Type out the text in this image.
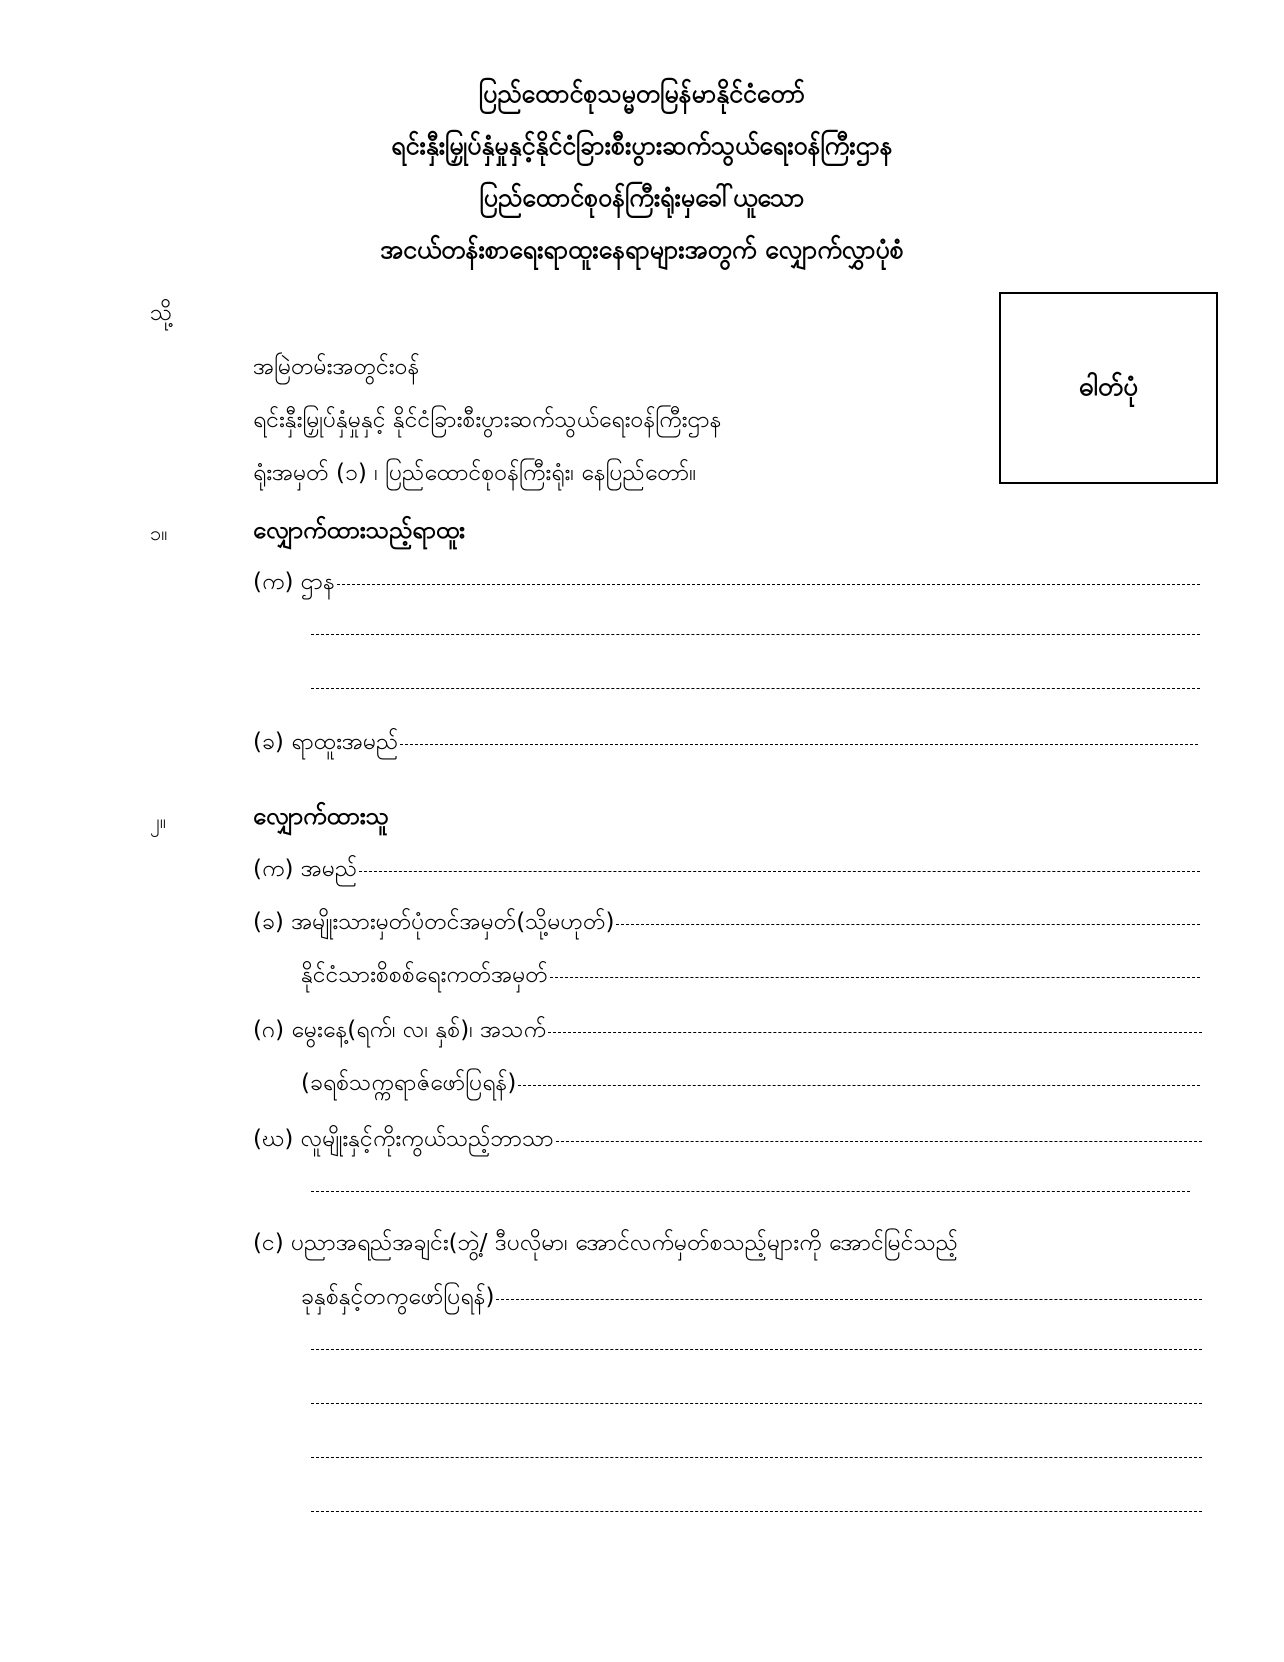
ပြည်ထောင်စုသမ္မတမြန်မာနိုင်ငံတော်
ရင်းနှီးမြှုပ်နှံမှုနှင့်နိုင်ငံခြားစီးပွားဆက်သွယ်ရေးဝန်ကြီးဌာန
ပြည်ထောင်စုဝန်ကြီးရုံးမှခေါ်ယူသော
အငယ်တန်းစာရေးရာထူးနေရာများအတွက် လျှောက်လွှာပုံစံ
သို့
အမြဲတမ်းအတွင်းဝန်
ရင်းနှီးမြှုပ်နှံမှုနှင့် နိုင်ငံခြားစီးပွားဆက်သွယ်ရေးဝန်ကြီးဌာန
ရုံးအမှတ် (၁) ၊ ပြည်ထောင်စုဝန်ကြီးရုံး၊ နေပြည်တော်။
ဓါတ်ပုံ
၁။	လျှောက်ထားသည့်ရာထူး
(က) ဌာန
(ခ) ရာထူးအမည်
၂။	လျှောက်ထားသူ
(က) အမည်
(ခ) အမျိုးသားမှတ်ပုံတင်အမှတ်(သို့မဟုတ်)
နိုင်ငံသားစိစစ်ရေးကတ်အမှတ်
(ဂ) မွေးနေ့(ရက်၊ လ၊ နှစ်)၊ အသက်
(ခရစ်သက္ကရာဇ်ဖော်ပြရန်)
(ဃ) လူမျိုးနှင့်ကိုးကွယ်သည့်ဘာသာ
(င) ပညာအရည်အချင်း(ဘွဲ့/ ဒီပလိုမာ၊ အောင်လက်မှတ်စသည့်များကို အောင်မြင်သည့်
ခုနှစ်နှင့်တကွဖော်ပြရန်)
